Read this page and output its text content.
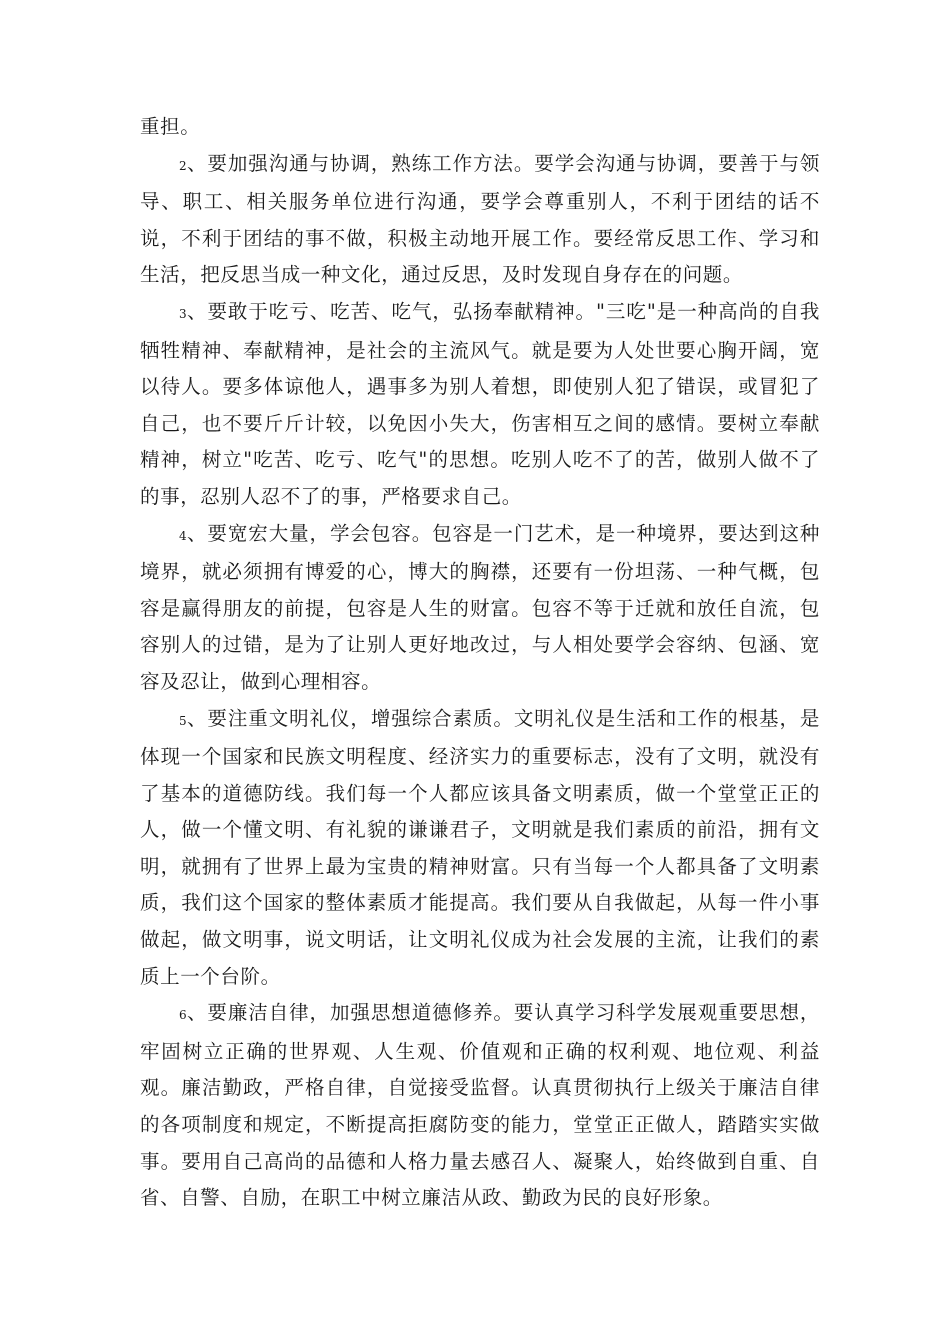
重担。

2、要加强沟通与协调，熟练工作方法。要学会沟通与协调，要善于与领导、职工、相关服务单位进行沟通，要学会尊重别人，不利于团结的话不说，不利于团结的事不做，积极主动地开展工作。要经常反思工作、学习和生活，把反思当成一种文化，通过反思，及时发现自身存在的问题。

3、要敢于吃亏、吃苦、吃气，弘扬奉献精神。"三吃"是一种高尚的自我牺牲精神、奉献精神，是社会的主流风气。就是要为人处世要心胸开阔，宽以待人。要多体谅他人，遇事多为别人着想，即使别人犯了错误，或冒犯了自己，也不要斤斤计较，以免因小失大，伤害相互之间的感情。要树立奉献精神，树立"吃苦、吃亏、吃气"的思想。吃别人吃不了的苦，做别人做不了的事，忍别人忍不了的事，严格要求自己。

4、要宽宏大量，学会包容。包容是一门艺术，是一种境界，要达到这种境界，就必须拥有博爱的心，博大的胸襟，还要有一份坦荡、一种气概，包容是赢得朋友的前提，包容是人生的财富。包容不等于迁就和放任自流，包容别人的过错，是为了让别人更好地改过，与人相处要学会容纳、包涵、宽容及忍让，做到心理相容。

5、要注重文明礼仪，增强综合素质。文明礼仪是生活和工作的根基，是体现一个国家和民族文明程度、经济实力的重要标志，没有了文明，就没有了基本的道德防线。我们每一个人都应该具备文明素质，做一个堂堂正正的人，做一个懂文明、有礼貌的谦谦君子，文明就是我们素质的前沿，拥有文明，就拥有了世界上最为宝贵的精神财富。只有当每一个人都具备了文明素质，我们这个国家的整体素质才能提高。我们要从自我做起，从每一件小事做起，做文明事，说文明话，让文明礼仪成为社会发展的主流，让我们的素质上一个台阶。

6、要廉洁自律，加强思想道德修养。要认真学习科学发展观重要思想，牢固树立正确的世界观、人生观、价值观和正确的权利观、地位观、利益观。廉洁勤政，严格自律，自觉接受监督。认真贯彻执行上级关于廉洁自律的各项制度和规定，不断提高拒腐防变的能力，堂堂正正做人，踏踏实实做事。要用自己高尚的品德和人格力量去感召人、凝聚人，始终做到自重、自省、自警、自励，在职工中树立廉洁从政、勤政为民的良好形象。
